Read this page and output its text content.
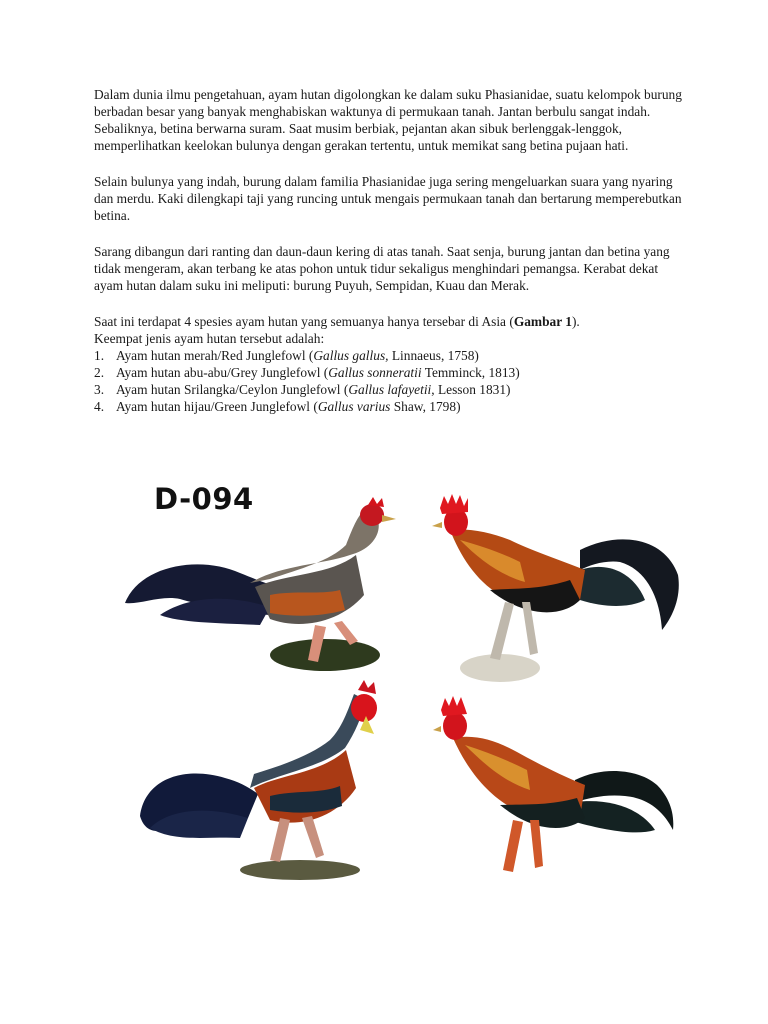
Dalam dunia ilmu pengetahuan, ayam hutan digolongkan ke dalam suku Phasianidae, suatu kelompok burung berbadan besar yang banyak menghabiskan waktunya di permukaan tanah. Jantan berbulu sangat indah. Sebaliknya, betina berwarna suram. Saat musim berbiak, pejantan akan sibuk berlenggak-lenggok, memperlihatkan keelokan bulunya dengan gerakan tertentu, untuk memikat sang betina pujaan hati.

Selain bulunya yang indah, burung dalam familia Phasianidae juga sering mengeluarkan suara yang nyaring dan merdu. Kaki dilengkapi taji yang runcing untuk mengais permukaan tanah dan bertarung memperebutkan betina.

Sarang dibangun dari ranting dan daun-daun kering di atas tanah. Saat senja, burung jantan dan betina yang tidak mengeram, akan terbang ke atas pohon untuk tidur sekaligus menghindari pemangsa. Kerabat dekat ayam hutan dalam suku ini meliputi: burung Puyuh, Sempidan, Kuau dan Merak.

Saat ini terdapat 4 spesies ayam hutan yang semuanya hanya tersebar di Asia (Gambar 1).
Keempat jenis ayam hutan tersebut adalah:

1. Ayam hutan merah/Red Junglefowl (Gallus gallus, Linnaeus, 1758)
2. Ayam hutan abu-abu/Grey Junglefowl (Gallus sonneratii Temminck, 1813)
3. Ayam hutan Srilangka/Ceylon Junglefowl (Gallus lafayetii, Lesson 1831)
4. Ayam hutan hijau/Green Junglefowl (Gallus varius Shaw, 1798)
D-094
